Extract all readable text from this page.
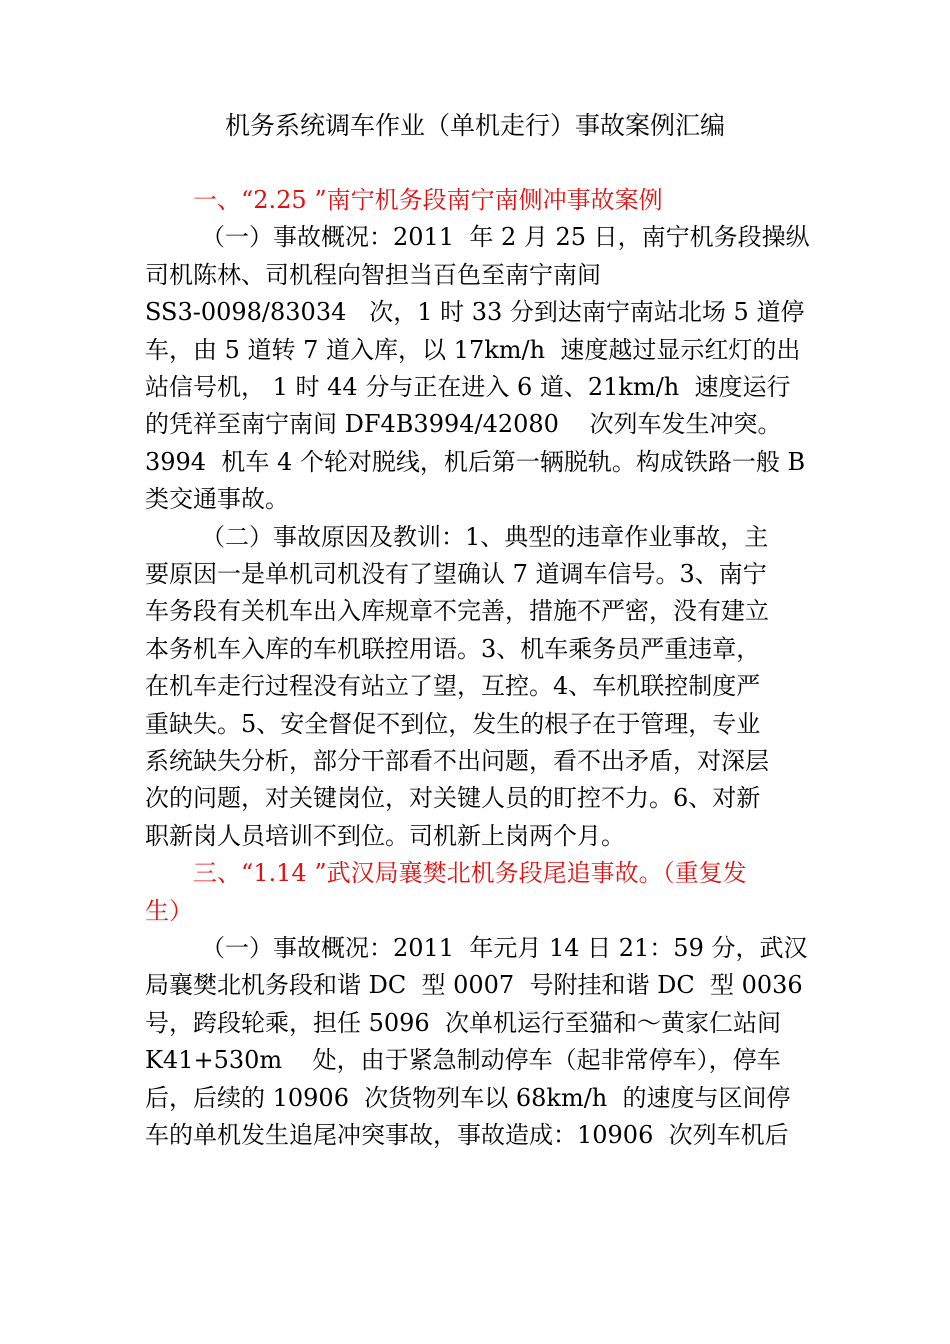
机务系统调车作业（单机走行）事故案例汇编
一、“2.25 ”南宁机务段南宁南侧冲事故案例
（一）事故概况：2011  年 2 月 25 日，南宁机务段操纵
司机陈林、司机程向智担当百色至南宁南间
SS3-0098/83034   次，1 时 33 分到达南宁南站北场 5 道停
车，由 5 道转 7 道入库，以 17km/h  速度越过显示红灯的出
站信号机， 1 时 44 分与正在进入 6 道、21km/h  速度运行
的凭祥至南宁南间 DF4B3994/42080    次列车发生冲突。
3994  机车 4 个轮对脱线，机后第一辆脱轨。构成铁路一般 B
类交通事故。
（二）事故原因及教训：1、典型的违章作业事故，主
要原因一是单机司机没有了望确认 7 道调车信号。3、南宁
车务段有关机车出入库规章不完善，措施不严密，没有建立
本务机车入库的车机联控用语。3、机车乘务员严重违章，
在机车走行过程没有站立了望，互控。4、车机联控制度严
重缺失。5、安全督促不到位，发生的根子在于管理，专业
系统缺失分析，部分干部看不出问题，看不出矛盾，对深层
次的问题，对关键岗位，对关键人员的盯控不力。6、对新
职新岗人员培训不到位。司机新上岗两个月。
三、“1.14 ”武汉局襄樊北机务段尾追事故。（重复发
生）
（一）事故概况：2011  年元月 14 日 21：59 分，武汉
局襄樊北机务段和谐 DC  型 0007  号附挂和谐 DC  型 0036
号，跨段轮乘，担任 5096  次单机运行至猫和～黄家仁站间
K41+530m    处，由于紧急制动停车（起非常停车），停车
后，后续的 10906  次货物列车以 68km/h  的速度与区间停
车的单机发生追尾冲突事故，事故造成：10906  次列车机后
